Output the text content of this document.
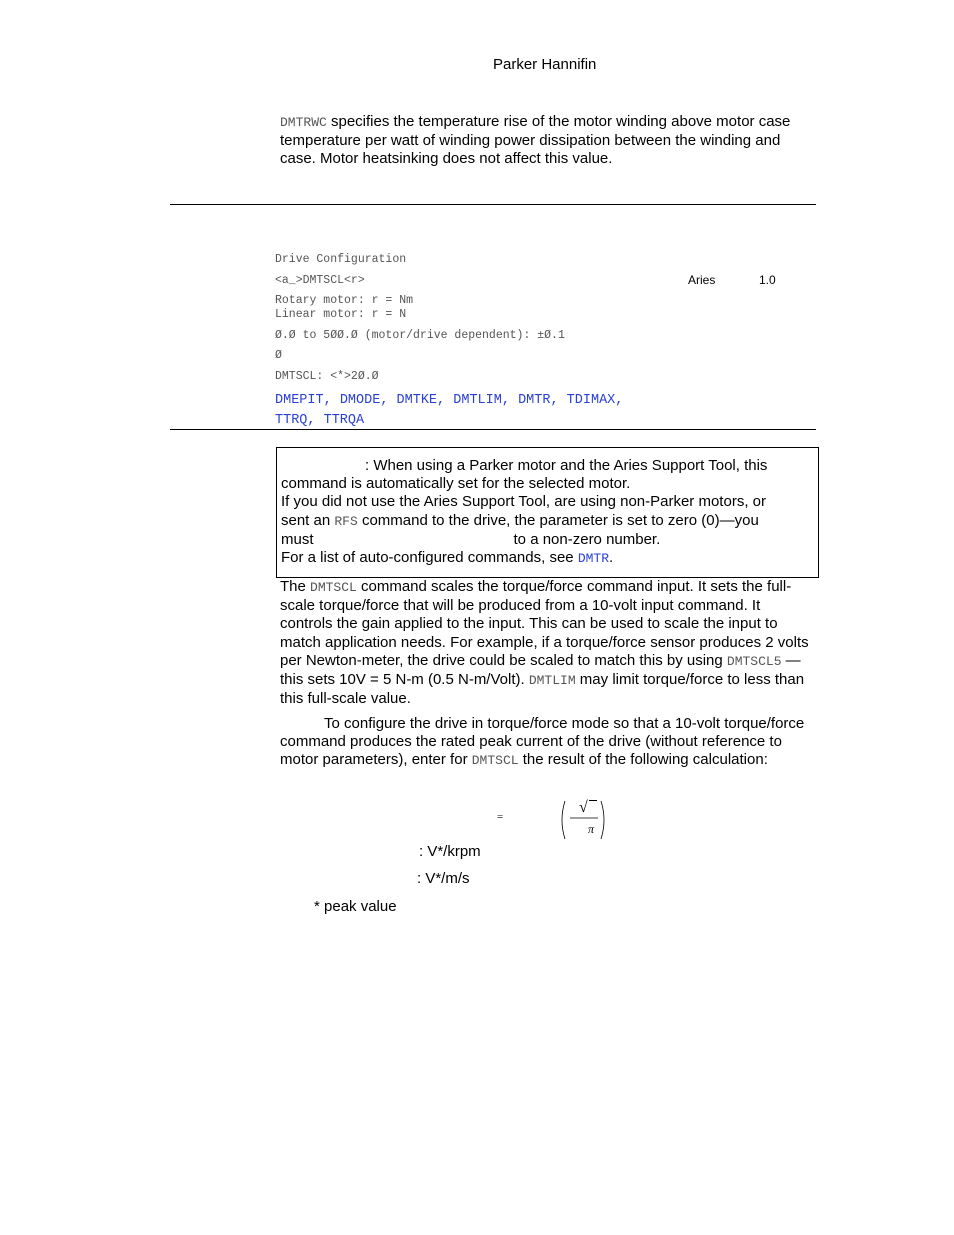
Parker Hannifin
DMTRWC specifies the temperature rise of the motor winding above motor case temperature per watt of winding power dissipation between the winding and case. Motor heatsinking does not affect this value.
Drive Configuration
<a_>DMTSCL<r>	Aries	1.0
Rotary motor: r = Nm
Linear motor: r = N
Ø.Ø to 5ØØ.Ø (motor/drive dependent): ±Ø.1
Ø
DMTSCL: <*>2Ø.Ø
DMEPIT, DMODE, DMTKE, DMTLIM, DMTR, TDIMAX,
TTRQ, TTRQA
: When using a Parker motor and the Aries Support Tool, this
command is automatically set for the selected motor.
If you did not use the Aries Support Tool, are using non-Parker motors, or
sent an RFS command to the drive, the parameter is set to zero (0)—you
must	to a non-zero number.
For a list of auto-configured commands, see DMTR.
The DMTSCL command scales the torque/force command input. It sets the full-scale torque/force that will be produced from a 10-volt input command. It controls the gain applied to the input. This can be used to scale the input to match application needs. For example, if a torque/force sensor produces 2 volts per Newton-meter, the drive could be scaled to match this by using DMTSCL5 — this sets 10V = 5 N-m (0.5 N-m/Volt). DMTLIM may limit torque/force to less than this full-scale value.
To configure the drive in torque/force mode so that a 10-volt torque/force command produces the rated peak current of the drive (without reference to motor parameters), enter for DMTSCL the result of the following calculation:
=
√
π
: V*/krpm
: V*/m/s
* peak value
